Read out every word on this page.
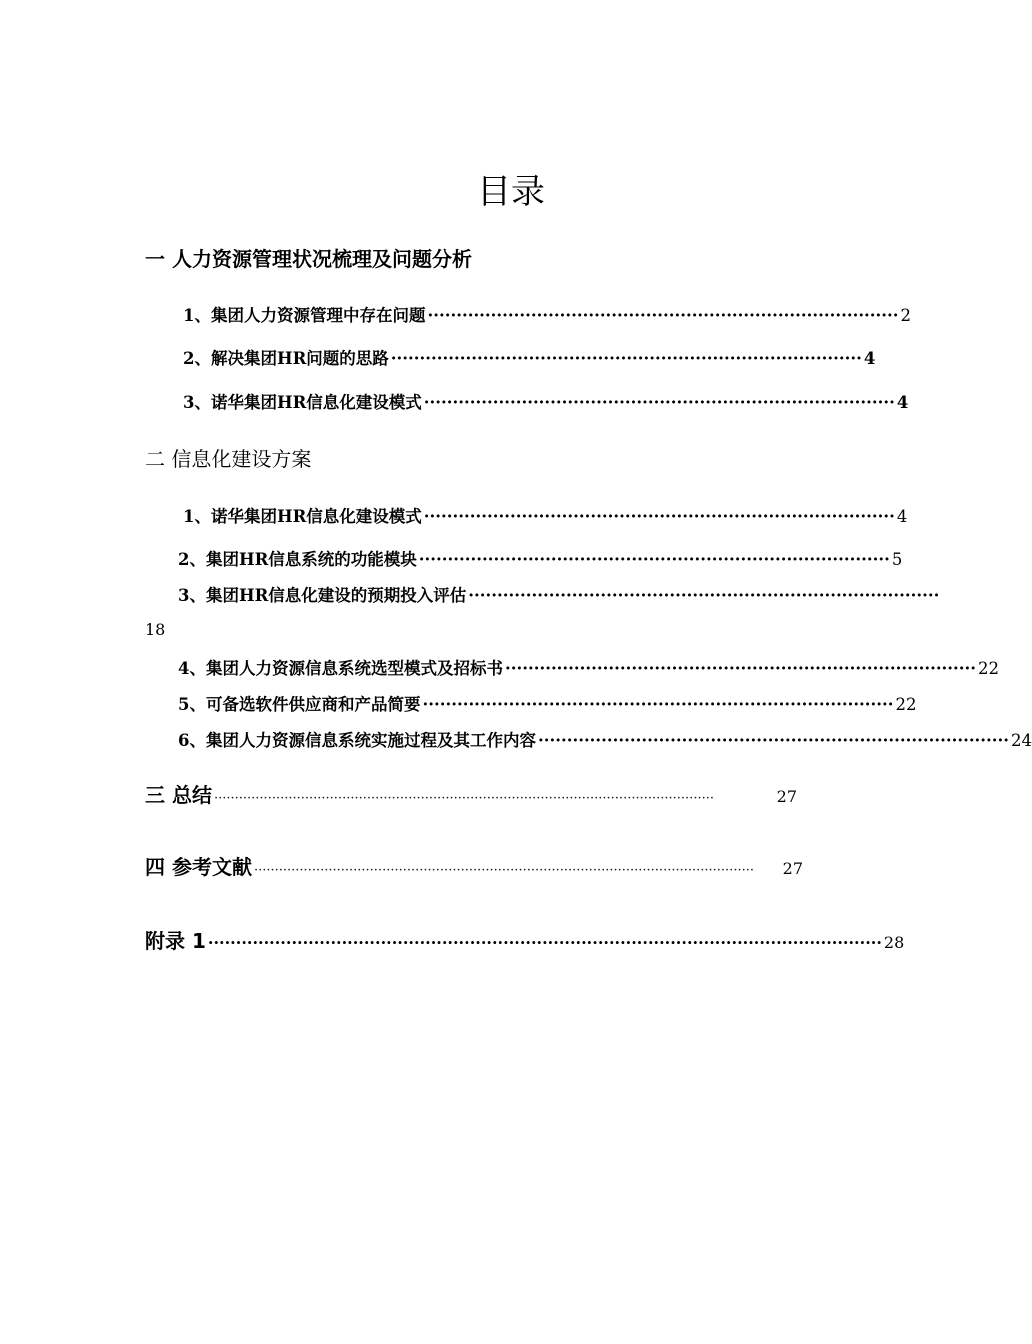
目录
一 人力资源管理状况梳理及问题分析
1、集团人力资源管理中存在问题 ·················································································· 2
2、解决集团HR问题的思路 ·················································································· 4
3、诺华集团HR信息化建设模式 ·················································································· 4
二 信息化建设方案
1、诺华集团HR信息化建设模式 ·················································································· 4
2、集团HR信息系统的功能模块 ·················································································· 5
3、集团HR信息化建设的预期投入评估 ··················································································
18
4、集团人力资源信息系统选型模式及招标书 ·················································································· 22
5、可备选软件供应商和产品简要 ·················································································· 22
6、集团人力资源信息系统实施过程及其工作内容 ·················································································· 24
三 总结 ·························································································································	27
四 参考文献 ·························································································································	27
附录 1 ························································································································· 28
